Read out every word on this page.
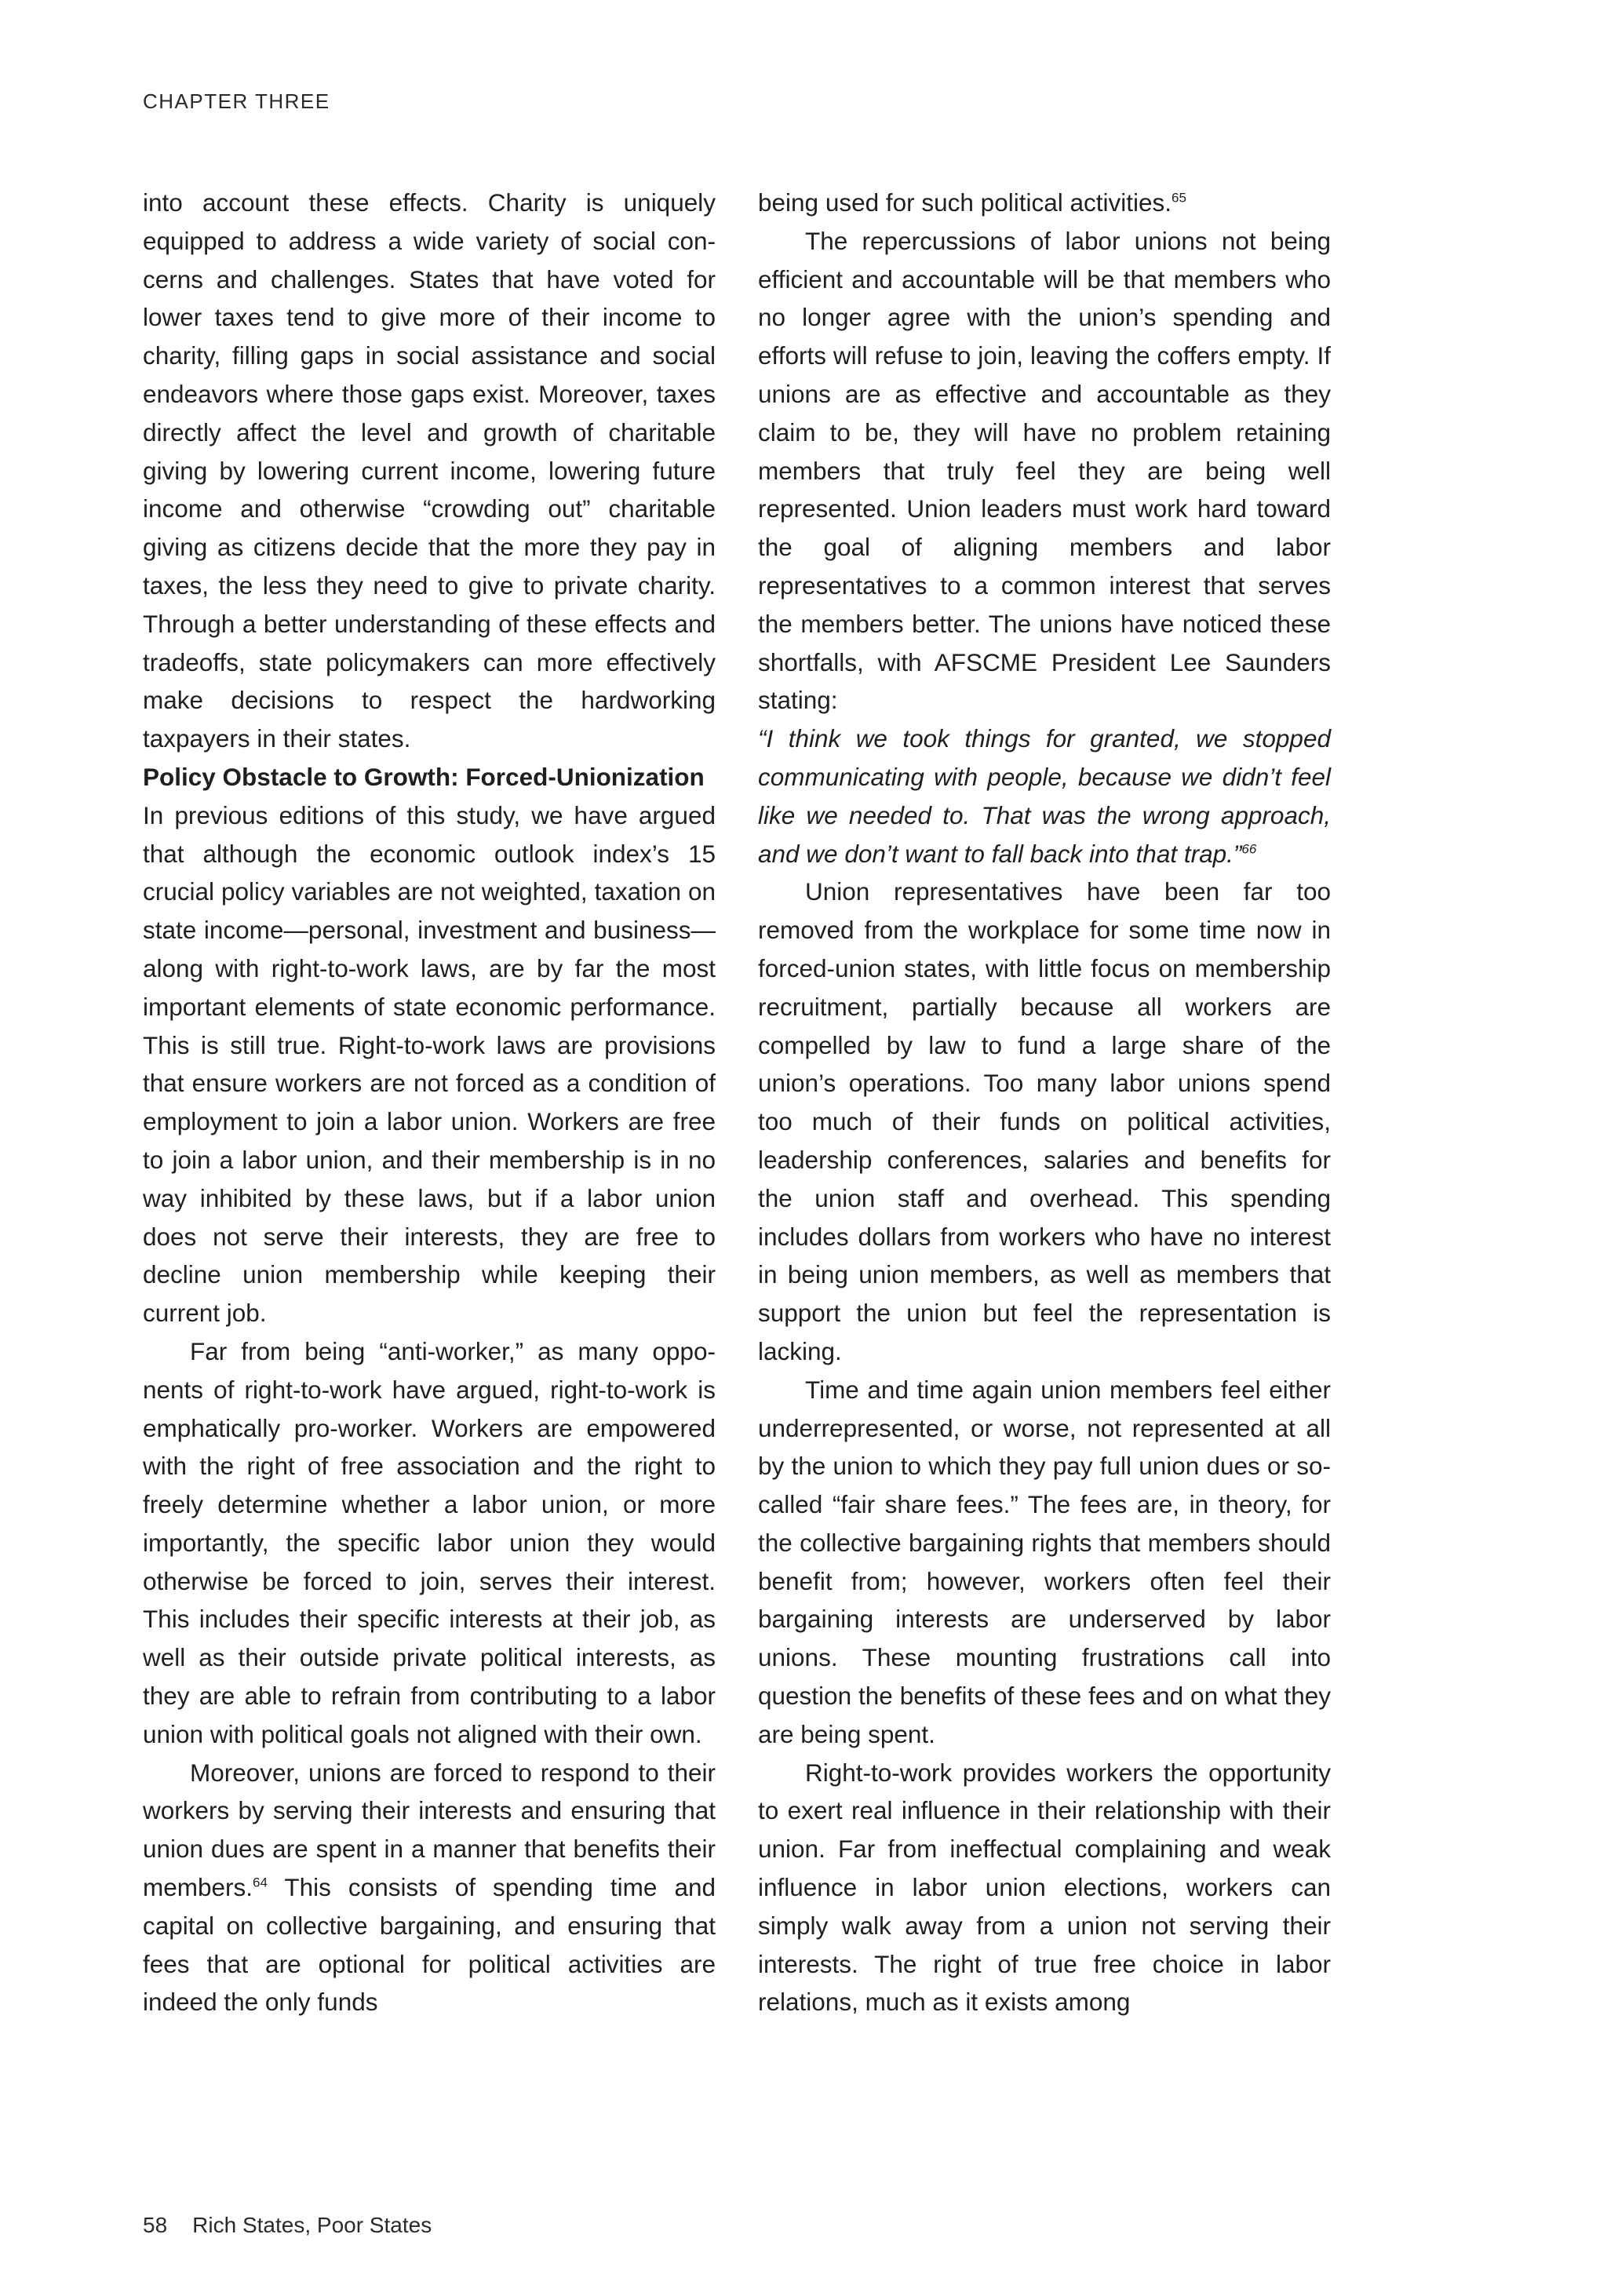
CHAPTER THREE

into account these effects. Charity is uniquely equipped to address a wide variety of social concerns and challenges. States that have voted for lower taxes tend to give more of their income to charity, filling gaps in social assistance and social endeavors where those gaps exist. Moreover, taxes directly affect the level and growth of charitable giving by lowering current income, lowering future income and otherwise “crowding out” charitable giving as citizens decide that the more they pay in taxes, the less they need to give to private charity. Through a better understanding of these effects and tradeoffs, state policymakers can more effectively make decisions to respect the hardworking taxpayers in their states.

Policy Obstacle to Growth: Forced-Unionization

In previous editions of this study, we have argued that although the economic outlook index’s 15 crucial policy variables are not weighted, taxation on state income—personal, investment and business—along with right-to-work laws, are by far the most important elements of state economic performance. This is still true. Right-to-work laws are provisions that ensure workers are not forced as a condition of employment to join a labor union. Workers are free to join a labor union, and their membership is in no way inhibited by these laws, but if a labor union does not serve their interests, they are free to decline union membership while keeping their current job.

Far from being “anti-worker,” as many opponents of right-to-work have argued, right-to-work is emphatically pro-worker. Workers are empowered with the right of free association and the right to freely determine whether a labor union, or more importantly, the specific labor union they would otherwise be forced to join, serves their interest. This includes their specific interests at their job, as well as their outside private political interests, as they are able to refrain from contributing to a labor union with political goals not aligned with their own.

Moreover, unions are forced to respond to their workers by serving their interests and ensuring that union dues are spent in a manner that benefits their members.$^{64}$ This consists of spending time and capital on collective bargaining, and ensuring that fees that are optional for political activities are indeed the only funds

being used for such political activities.$^{65}$

The repercussions of labor unions not being efficient and accountable will be that members who no longer agree with the union’s spending and efforts will refuse to join, leaving the coffers empty. If unions are as effective and accountable as they claim to be, they will have no problem retaining members that truly feel they are being well represented. Union leaders must work hard toward the goal of aligning members and labor representatives to a common interest that serves the members better. The unions have noticed these shortfalls, with AFSCME President Lee Saunders stating:

“I think we took things for granted, we stopped communicating with people, because we didn’t feel like we needed to. That was the wrong approach, and we don’t want to fall back into that trap.”$^{66}$

Union representatives have been far too removed from the workplace for some time now in forced-union states, with little focus on membership recruitment, partially because all workers are compelled by law to fund a large share of the union’s operations. Too many labor unions spend too much of their funds on political activities, leadership conferences, salaries and benefits for the union staff and overhead. This spending includes dollars from workers who have no interest in being union members, as well as members that support the union but feel the representation is lacking.

Time and time again union members feel either underrepresented, or worse, not represented at all by the union to which they pay full union dues or so-called “fair share fees.” The fees are, in theory, for the collective bargaining rights that members should benefit from; however, workers often feel their bargaining interests are underserved by labor unions. These mounting frustrations call into question the benefits of these fees and on what they are being spent.

Right-to-work provides workers the opportunity to exert real influence in their relationship with their union. Far from ineffectual complaining and weak influence in labor union elections, workers can simply walk away from a union not serving their interests. The right of true free choice in labor relations, much as it exists among

58 Rich States, Poor States
